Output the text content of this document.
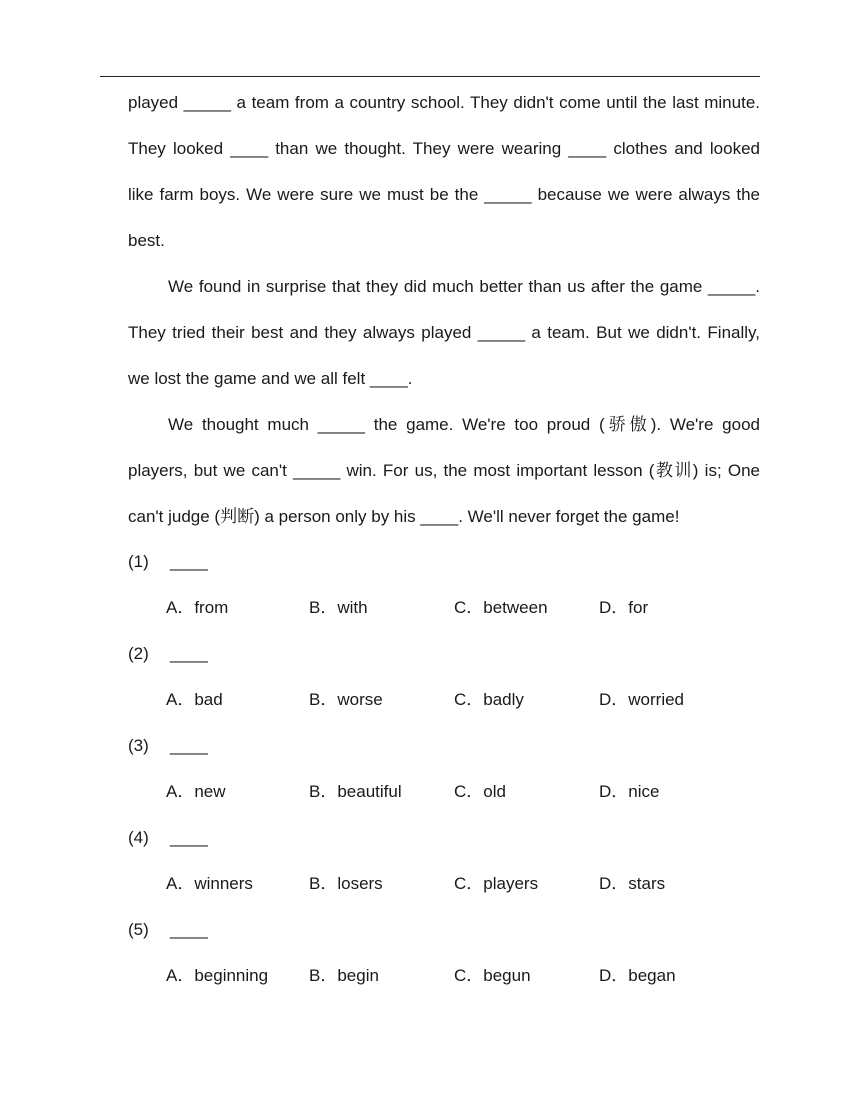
played _____ a team from a country school. They didn't come until the last minute. They looked ____ than we thought. They were wearing ____ clothes and looked like farm boys. We were sure we must be the _____ because we were always the best.

We found in surprise that they did much better than us after the game _____. They tried their best and they always played _____ a team. But we didn't. Finally, we lost the game and we all felt ____.

We thought much _____ the game. We're too proud (骄傲). We're good players, but we can't _____ win. For us, the most important lesson (教训) is; One can't judge (判断) a person only by his ____. We'll never forget the game!

(1) ____
A．from	B．with	C．between	D．for
(2) ____
A．bad	B．worse	C．badly	D．worried
(3) ____
A．new	B．beautiful	C．old	D．nice
(4) ____
A．winners	B．losers	C．players	D．stars
(5) ____
A．beginning B．begin	C．begun	D．began
